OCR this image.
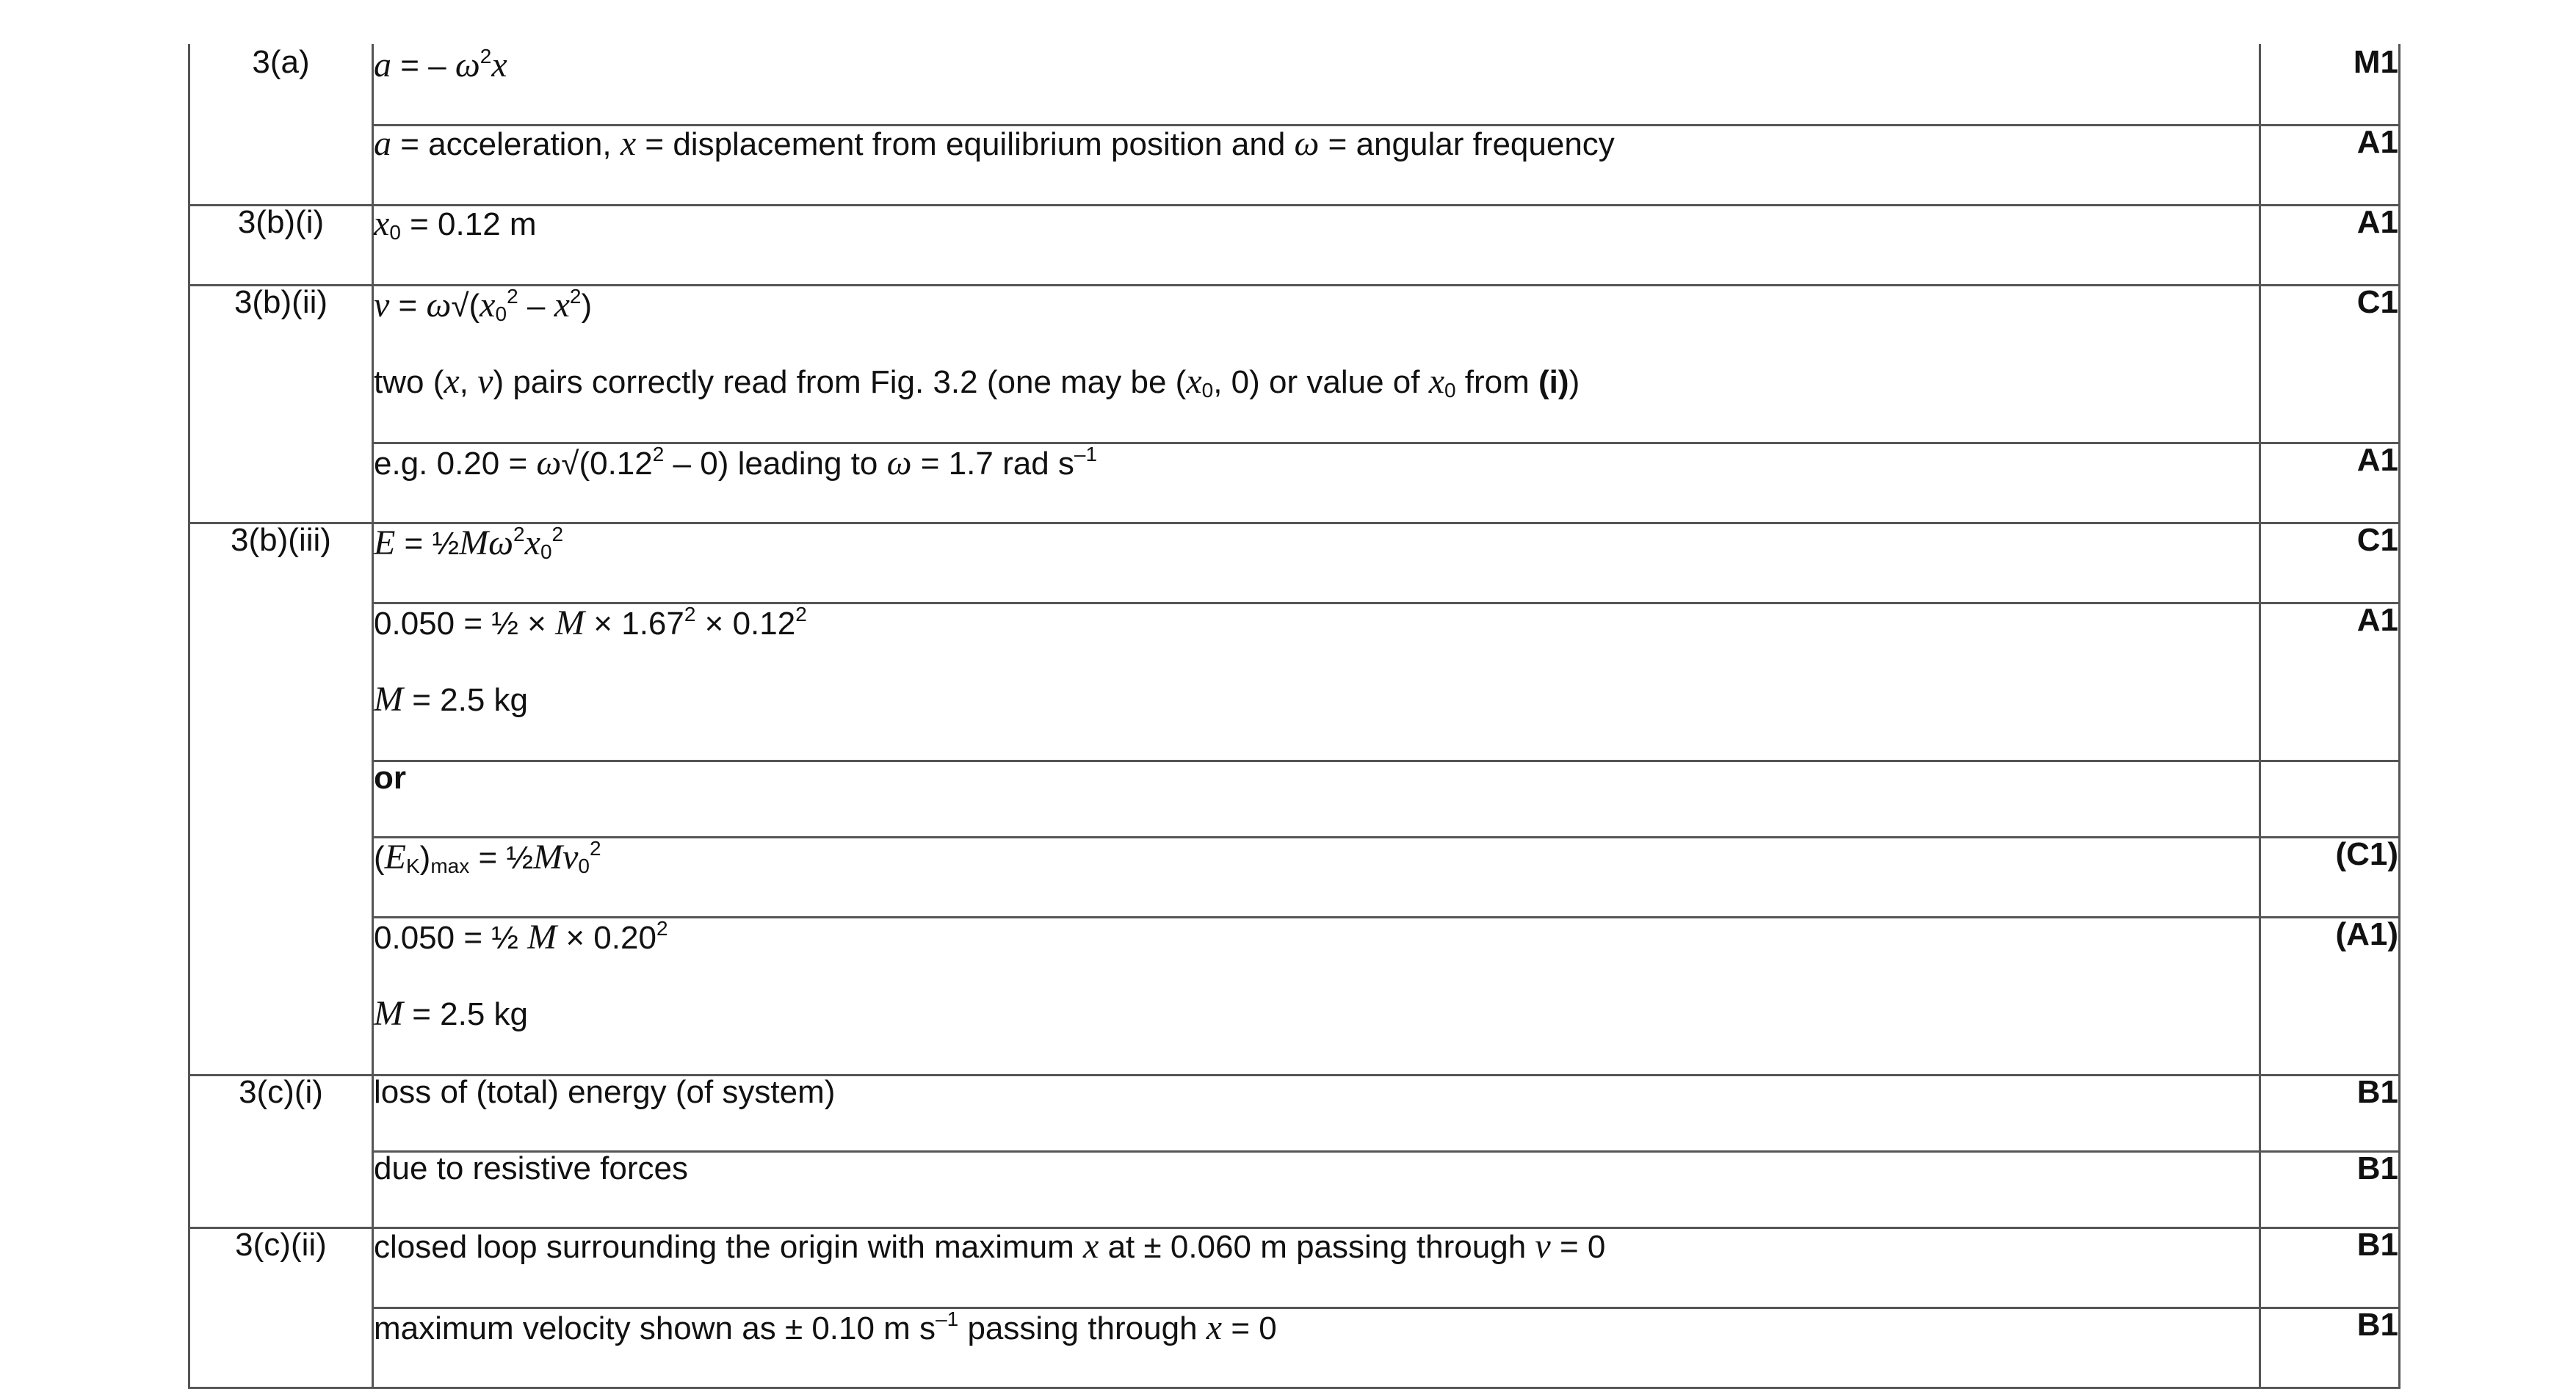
3(a)	a = – $\omega^2x$	M1

	a = acceleration, x = displacement from equilibrium position and ω = angular frequency	A1
3(b)(i)	$x_0 = 0.12$ m	A1
3(b)(ii)	$v = \omega√(x_0^2 - x^2)$
two (x, v) pairs correctly read from Fig. 3.2 (one may be ($x_0$, 0) or value of $x_0$ from (i))	C1

	e.g. $0.20 = \omega√(0.12^2 - 0)$ leading to ω = 1.7 rad $s^{-1}$	A1
3(b)(iii)	$E = \frac{1}{2}M\omega^2x_0^2$	C1

	0.050 = ½ × $M \times 1.67^2 \times 0.12^2$
M = 2.5 kg	A1
	or	

	$(E_K)_{max}$ = $\frac{1}{2}Mv_0^2$	(C1)

	0.050 = ½ $M \times 0.20^2$
M = 2.5 kg	(A1)
3(c)(i)	loss of (total) energy (of system)	B1
	due to resistive forces	B1
3(c)(ii)	closed loop surrounding the origin with maximum x at ± 0.060 m passing through v = 0	B1

	maximum velocity shown as ± 0.10 m $s^{-1}$ passing through x = 0	B1
